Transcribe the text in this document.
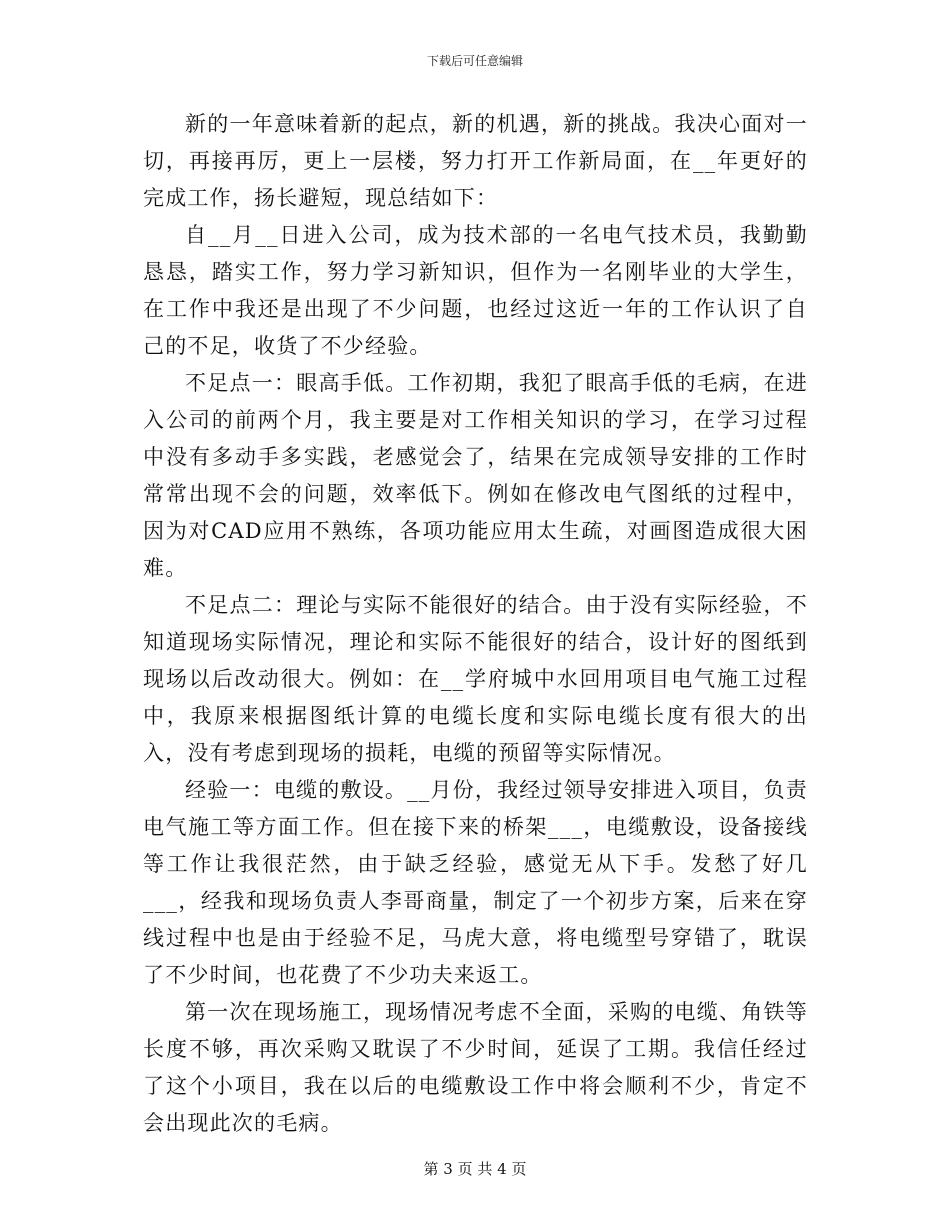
下载后可任意编辑

新的一年意味着新的起点，新的机遇，新的挑战。我决心面对一切，再接再厉，更上一层楼，努力打开工作新局面，在__年更好的完成工作，扬长避短，现总结如下：

自__月__日进入公司，成为技术部的一名电气技术员，我勤勤恳恳，踏实工作，努力学习新知识，但作为一名刚毕业的大学生，在工作中我还是出现了不少问题，也经过这近一年的工作认识了自己的不足，收货了不少经验。

不足点一：眼高手低。工作初期，我犯了眼高手低的毛病，在进入公司的前两个月，我主要是对工作相关知识的学习，在学习过程中没有多动手多实践，老感觉会了，结果在完成领导安排的工作时常常出现不会的问题，效率低下。例如在修改电气图纸的过程中，因为对CAD应用不熟练，各项功能应用太生疏，对画图造成很大困难。

不足点二：理论与实际不能很好的结合。由于没有实际经验，不知道现场实际情况，理论和实际不能很好的结合，设计好的图纸到现场以后改动很大。例如：在__学府城中水回用项目电气施工过程中，我原来根据图纸计算的电缆长度和实际电缆长度有很大的出入，没有考虑到现场的损耗，电缆的预留等实际情况。

经验一：电缆的敷设。__月份，我经过领导安排进入项目，负责电气施工等方面工作。但在接下来的桥架___，电缆敷设，设备接线等工作让我很茫然，由于缺乏经验，感觉无从下手。发愁了好几___，经我和现场负责人李哥商量，制定了一个初步方案，后来在穿线过程中也是由于经验不足，马虎大意，将电缆型号穿错了，耽误了不少时间，也花费了不少功夫来返工。

第一次在现场施工，现场情况考虑不全面，采购的电缆、角铁等长度不够，再次采购又耽误了不少时间，延误了工期。我信任经过了这个小项目，我在以后的电缆敷设工作中将会顺利不少，肯定不会出现此次的毛病。

第 3 页 共 4 页
